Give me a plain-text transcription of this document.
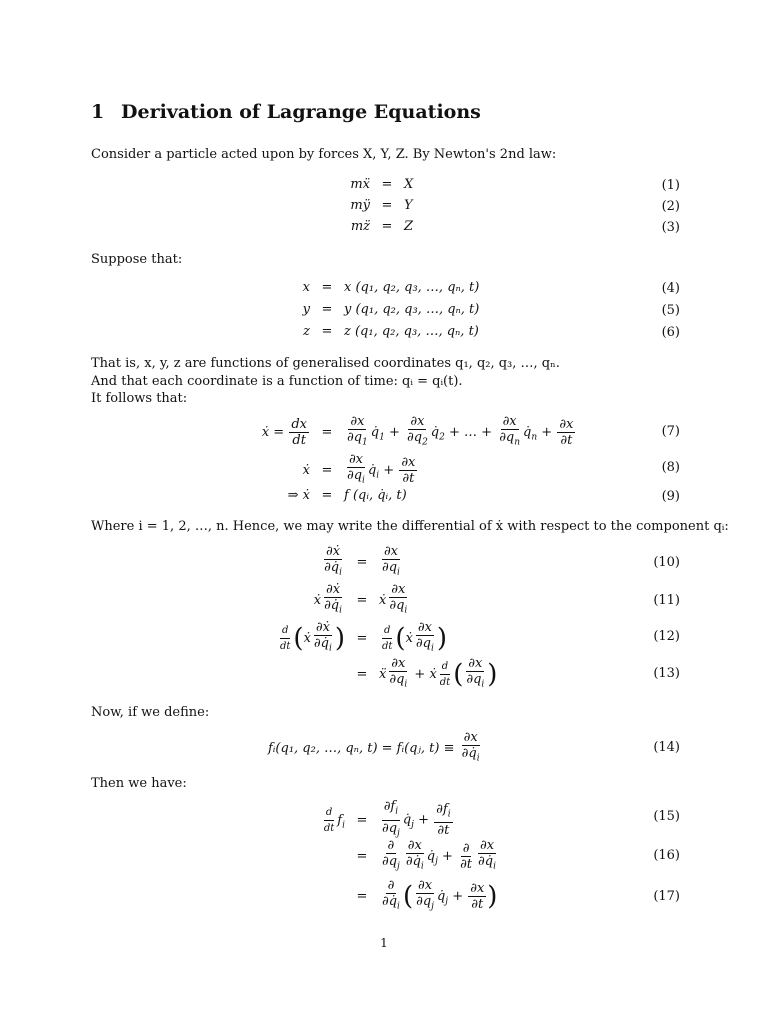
1 Derivation of Lagrange Equations
Consider a particle acted upon by forces X, Y, Z. By Newton's 2nd law:
mẍ = X
mÿ = Y
mz̈ = Z
Suppose that:
x = x (q₁, q₂, q₃, …, qₙ, t)
y = y (q₁, q₂, q₃, …, qₙ, t)
z = z (q₁, q₂, q₃, …, qₙ, t)
That is, x, y, z are functions of generalised coordinates q₁, q₂, q₃, …, qₙ.
And that each coordinate is a function of time: qᵢ = qᵢ(t).
It follows that:
ẋ = $\frac{dx}{dt} = \frac{\partial x}{\partial q_1}$ $q̇_1 + \frac{\partial x}{\partial q_2}$ $q̇_2$ + … + $\frac{\partial x}{\partial q_n}$ $q̇_n + \frac{\partial x}{\partial t}$
ẋ = $\frac{\partial x}{\partial q_i}$ $q̇_i + \frac{\partial x}{\partial t}$
⇒ ẋ = f (qᵢ, q̇ᵢ, t)
Where i = 1, 2, …, n. Hence, we may write the differential of ẋ with respect to the component qᵢ:
$\frac{\text{∂ẋ}}{\partial q̇_i} = \frac{\partial x}{\partial q_i}$
ẋ $\frac{\text{∂ẋ}}{\partial q̇_i}$ = ẋ $\frac{\partial x}{\partial q_i}$
$\frac{d}{dt}$ (ẋ $\frac{\text{∂ẋ}}{\partial q̇_i}$ ) =	$\frac{d}{dt}$ (ẋ $\frac{\partial x}{\partial q_i}$ )
= ẍ $\frac{\partial x}{\partial q_i}$ + ẋ $\frac{d}{dt}$ ( $\frac{\partial x}{\partial q_i}$ )
Now, if we define:
fᵢ(q₁, q₂, …, qₙ, t) = fᵢ(qⱼ, t) ≡
$\frac{\partial x}{\partial q̇_i}$
Then we have:
$\frac{d}{dt} f_i = \frac{\partial f_i}{\partial q_j}$ $q̇_j + \frac{\partial f_i}{\partial t}$
= $\frac{\partial}{\partial q_j} \frac{\partial x}{\partial q̇_i}$ $q̇_j + \frac{\partial}{\partial t} \frac{\partial x}{\partial q̇_i}$
= $\frac{\partial}{\partial q̇_i}$ ( $\frac{\partial x}{\partial q_j}$ $q̇_j + \frac{\partial x}{\partial t}$ )
(1)
(2)
(3)
(4)
(5)
(6)
(7)
(8)
(9)
(10)
(11)
(12)
(13)
(14)
(15)
(16)
(17)
1
